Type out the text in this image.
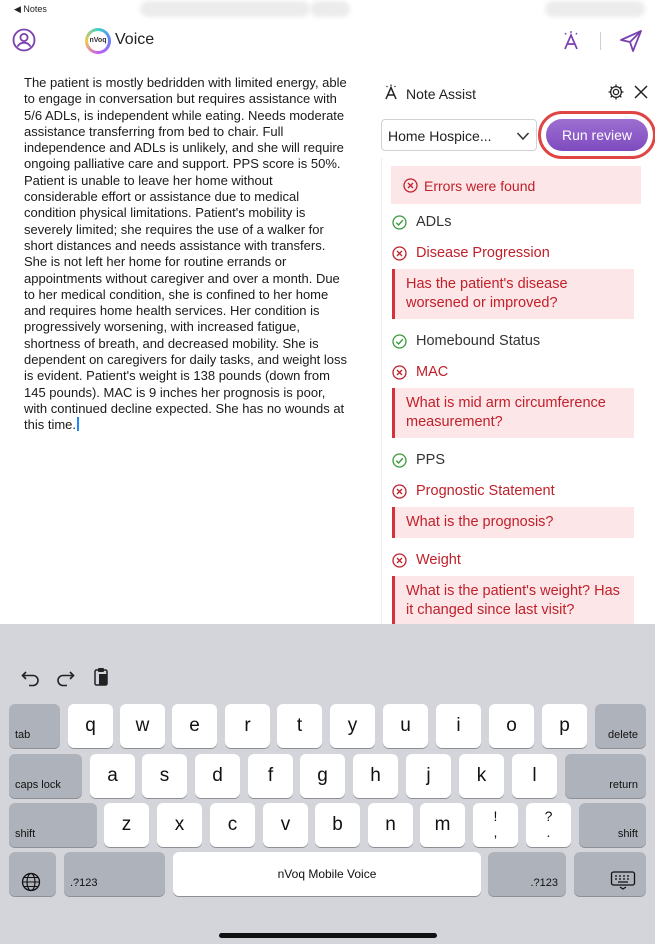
◀ Notes
nVoq Voice
The patient is mostly bedridden with limited energy, able to engage in conversation but requires assistance with 5/6 ADLs, is independent while eating. Needs moderate assistance transferring from bed to chair. Full independence and ADLs is unlikely, and she will require ongoing palliative care and support. PPS score is 50%. Patient is unable to leave her home without considerable effort or assistance due to medical condition physical limitations. Patient's mobility is severely limited; she requires the use of a walker for short distances and needs assistance with transfers. She is not left her home for routine errands or appointments without caregiver and over a month. Due to her medical condition, she is confined to her home and requires home health services. Her condition is progressively worsening, with increased fatigue, shortness of breath, and decreased mobility. She is dependent on caregivers for daily tasks, and weight loss is evident. Patient's weight is 138 pounds (down from 145 pounds). MAC is 9 inches her prognosis is poor, with continued decline expected. She has no wounds at this time.
Note Assist
Home Hospice...	Run review
Errors were found
ADLs
Disease Progression
Has the patient's disease worsened or improved?
Homebound Status
MAC
What is mid arm circumference measurement?
PPS
Prognostic Statement
What is the prognosis?
Weight
What is the patient's weight? Has it changed since last visit?
tab	q	w	e	r	t	y	u	i	o	p	delete
caps lock	a	s	d	f	g	h	j	k	l	return
shift	z	x	c	v	b	n	m	!
,
?
.	shift
.?123
nVoq Mobile Voice
.?123
